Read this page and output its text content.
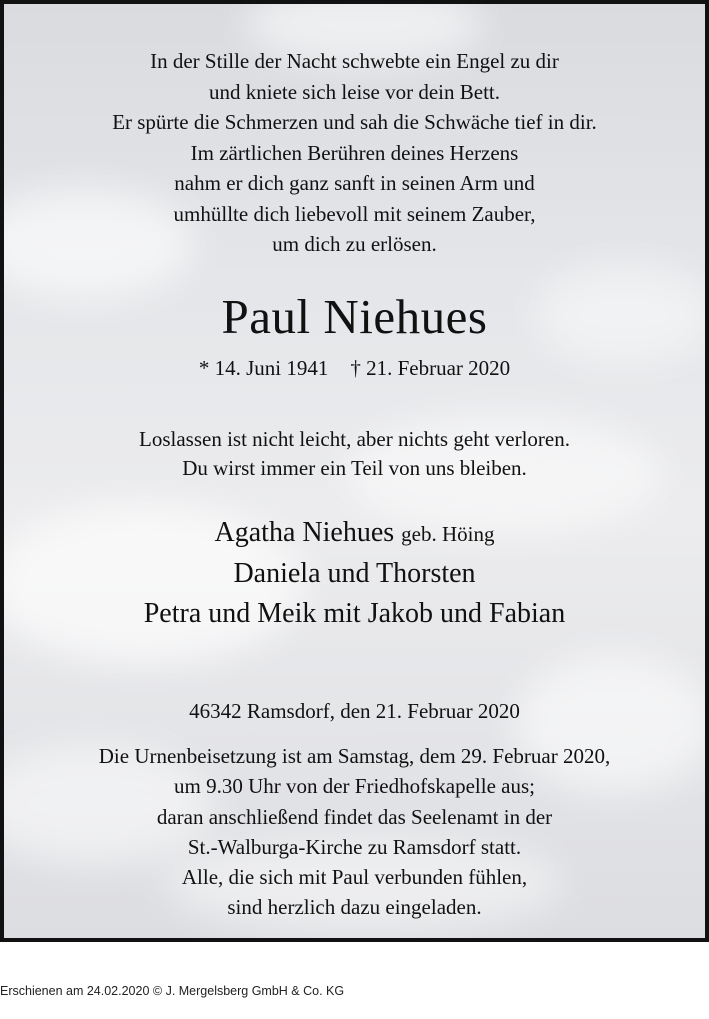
In der Stille der Nacht schwebte ein Engel zu dir
und kniete sich leise vor dein Bett.
Er spürte die Schmerzen und sah die Schwäche tief in dir.
Im zärtlichen Berühren deines Herzens
nahm er dich ganz sanft in seinen Arm und
umhüllte dich liebevoll mit seinem Zauber,
um dich zu erlösen.
Paul Niehues
* 14. Juni 1941 † 21. Februar 2020
Loslassen ist nicht leicht, aber nichts geht verloren.
Du wirst immer ein Teil von uns bleiben.
Agatha Niehues geb. Höing
Daniela und Thorsten
Petra und Meik mit Jakob und Fabian
46342 Ramsdorf, den 21. Februar 2020
Die Urnenbeisetzung ist am Samstag, dem 29. Februar 2020,
um 9.30 Uhr von der Friedhofskapelle aus;
daran anschließend findet das Seelenamt in der
St.-Walburga-Kirche zu Ramsdorf statt.
Alle, die sich mit Paul verbunden fühlen,
sind herzlich dazu eingeladen.
Erschienen am 24.02.2020 © J. Mergelsberg GmbH & Co. KG
